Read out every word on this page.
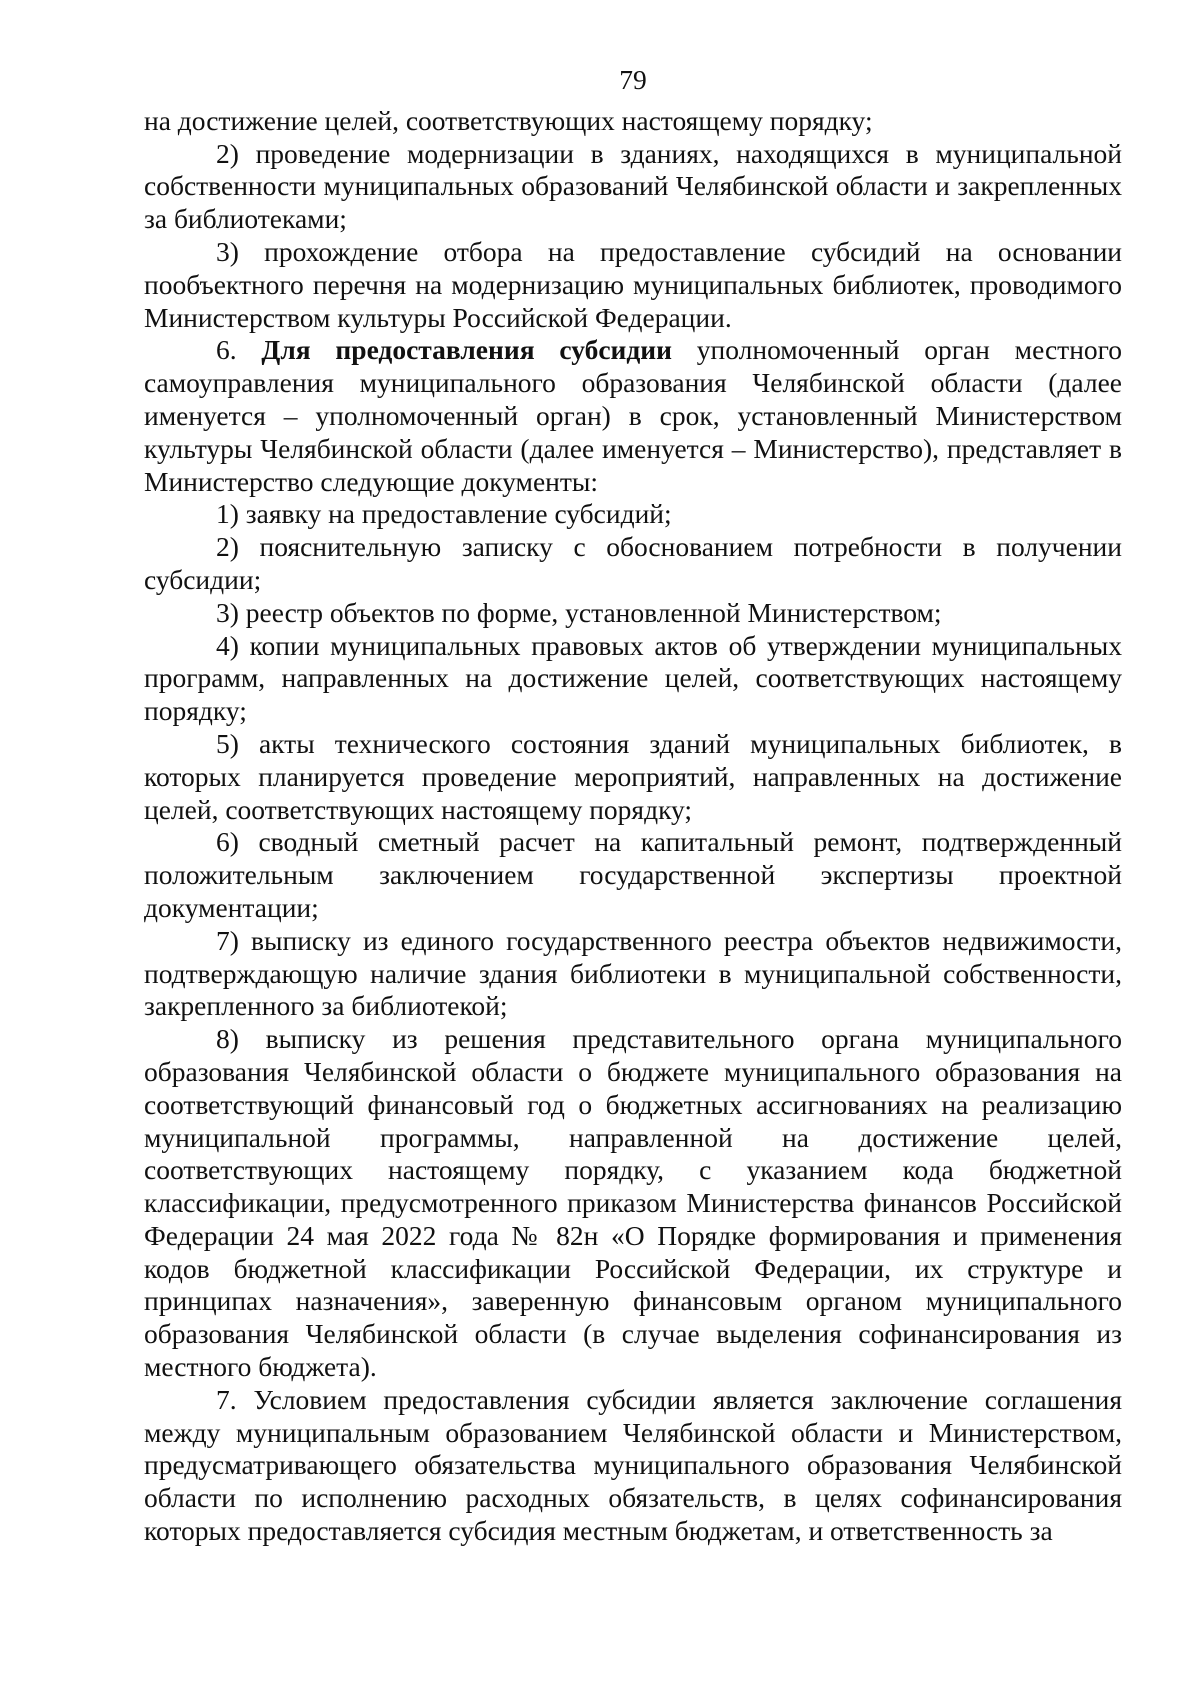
79

на достижение целей, соответствующих настоящему порядку;

2) проведение модернизации в зданиях, находящихся в муниципальной собственности муниципальных образований Челябинской области и закрепленных за библиотеками;

3) прохождение отбора на предоставление субсидий на основании пообъектного перечня на модернизацию муниципальных библиотек, проводимого Министерством культуры Российской Федерации.

6. Для предоставления субсидии уполномоченный орган местного самоуправления муниципального образования Челябинской области (далее именуется – уполномоченный орган) в срок, установленный Министерством культуры Челябинской области (далее именуется – Министерство), представляет в Министерство следующие документы:

1) заявку на предоставление субсидий;

2) пояснительную записку с обоснованием потребности в получении субсидии;

3) реестр объектов по форме, установленной Министерством;

4) копии муниципальных правовых актов об утверждении муниципальных программ, направленных на достижение целей, соответствующих настоящему порядку;

5) акты технического состояния зданий муниципальных библиотек, в которых планируется проведение мероприятий, направленных на достижение целей, соответствующих настоящему порядку;

6) сводный сметный расчет на капитальный ремонт, подтвержденный положительным заключением государственной экспертизы проектной документации;

7) выписку из единого государственного реестра объектов недвижимости, подтверждающую наличие здания библиотеки в муниципальной собственности, закрепленного за библиотекой;

8) выписку из решения представительного органа муниципального образования Челябинской области о бюджете муниципального образования на соответствующий финансовый год о бюджетных ассигнованиях на реализацию муниципальной программы, направленной на достижение целей, соответствующих настоящему порядку, с указанием кода бюджетной классификации, предусмотренного приказом Министерства финансов Российской Федерации 24 мая 2022 года № 82н «О Порядке формирования и применения кодов бюджетной классификации Российской Федерации, их структуре и принципах назначения», заверенную финансовым органом муниципального образования Челябинской области (в случае выделения софинансирования из местного бюджета).

7. Условием предоставления субсидии является заключение соглашения между муниципальным образованием Челябинской области и Министерством, предусматривающего обязательства муниципального образования Челябинской области по исполнению расходных обязательств, в целях софинансирования которых предоставляется субсидия местным бюджетам, и ответственность за
